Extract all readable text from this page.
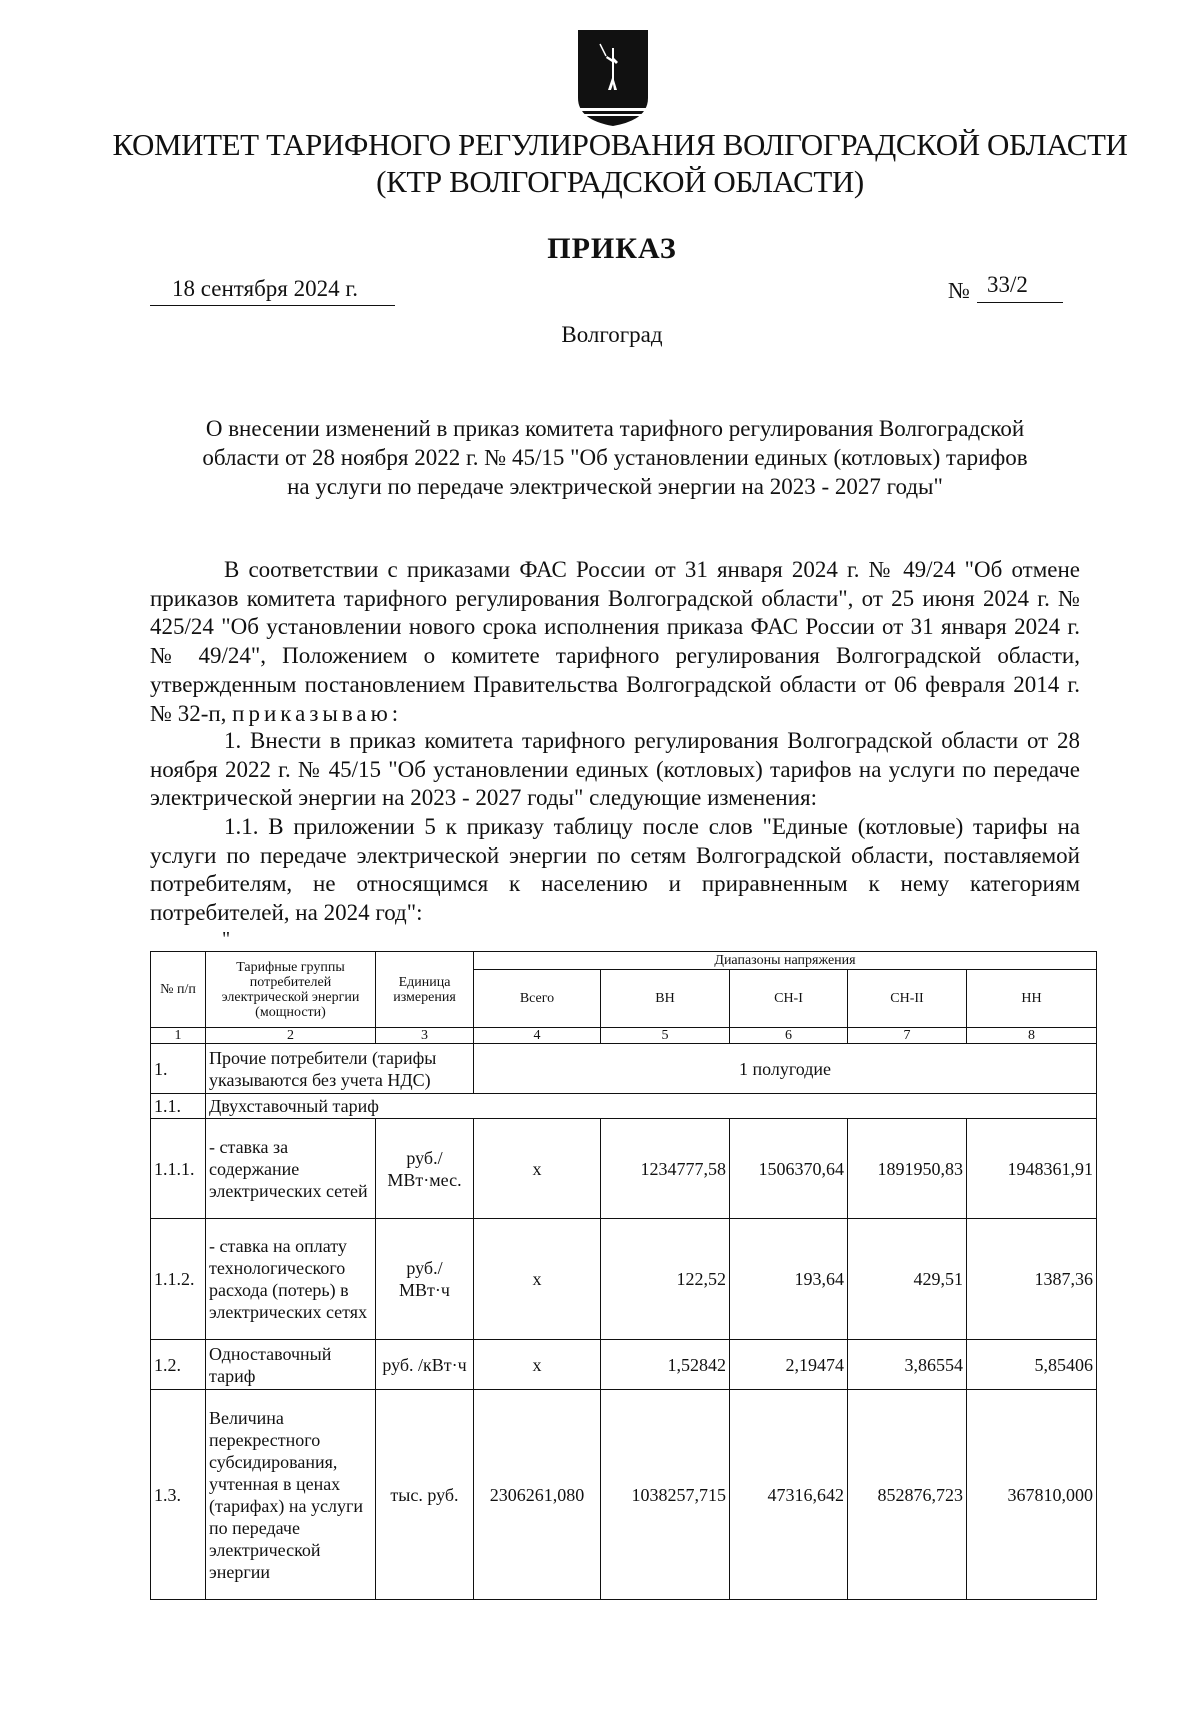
КОМИТЕТ ТАРИФНОГО РЕГУЛИРОВАНИЯ ВОЛГОГРАДСКОЙ ОБЛАСТИ
(КТР ВОЛГОГРАДСКОЙ ОБЛАСТИ)
ПРИКАЗ
18 сентября 2024 г.	№ 33/2
Волгоград
О внесении изменений в приказ комитета тарифного регулирования Волгоградской
области от 28 ноября 2022 г. № 45/15 "Об установлении единых (котловых) тарифов
на услуги по передаче электрической энергии на 2023 - 2027 годы"
В соответствии с приказами ФАС России от 31 января 2024 г. № 49/24 "Об отмене приказов комитета тарифного регулирования Волгоградской области", от 25 июня 2024 г. № 425/24 "Об установлении нового срока исполнения приказа ФАС России от 31 января 2024 г. № 49/24", Положением о комитете тарифного регулирования Волгоградской области, утвержденным постановлением Правительства Волгоградской области от 06 февраля 2014 г. № 32-п, приказываю:
1. Внести в приказ комитета тарифного регулирования Волгоградской области от 28 ноября 2022 г. № 45/15 "Об установлении единых (котловых) тарифов на услуги по передаче электрической энергии на 2023 - 2027 годы" следующие изменения:
1.1. В приложении 5 к приказу таблицу после слов "Единые (котловые) тарифы на услуги по передаче электрической энергии по сетям Волгоградской области, поставляемой потребителям, не относящимся к населению и приравненным к нему категориям потребителей, на 2024 год":
"
№ п/п	Тарифные группы потребителей электрической энергии (мощности)	Единица измерения	Диапазоны напряжения				
			Всего	ВН	СН-I	СН-II	НН
1	2	3	4	5	6	7	8
1.	Прочие потребители (тарифы указываются без учета НДС)		1 полугодие				
1.1.	Двухставочный тариф						
1.1.1.	- ставка за содержание электрических сетей	руб./ МВт·мес.	х	1234777,58	1506370,64	1891950,83	1948361,91
1.1.2.	- ставка на оплату технологического расхода (потерь) в электрических сетях	руб./ МВт·ч	х	122,52	193,64	429,51	1387,36
1.2.	Одноставочный тариф	руб. /кВт·ч	х	1,52842	2,19474	3,86554	5,85406
1.3.	Величина перекрестного субсидирования, учтенная в ценах (тарифах) на услуги по передаче электрической энергии	тыс. руб.	2306261,080	1038257,715	47316,642	852876,723	367810,000
